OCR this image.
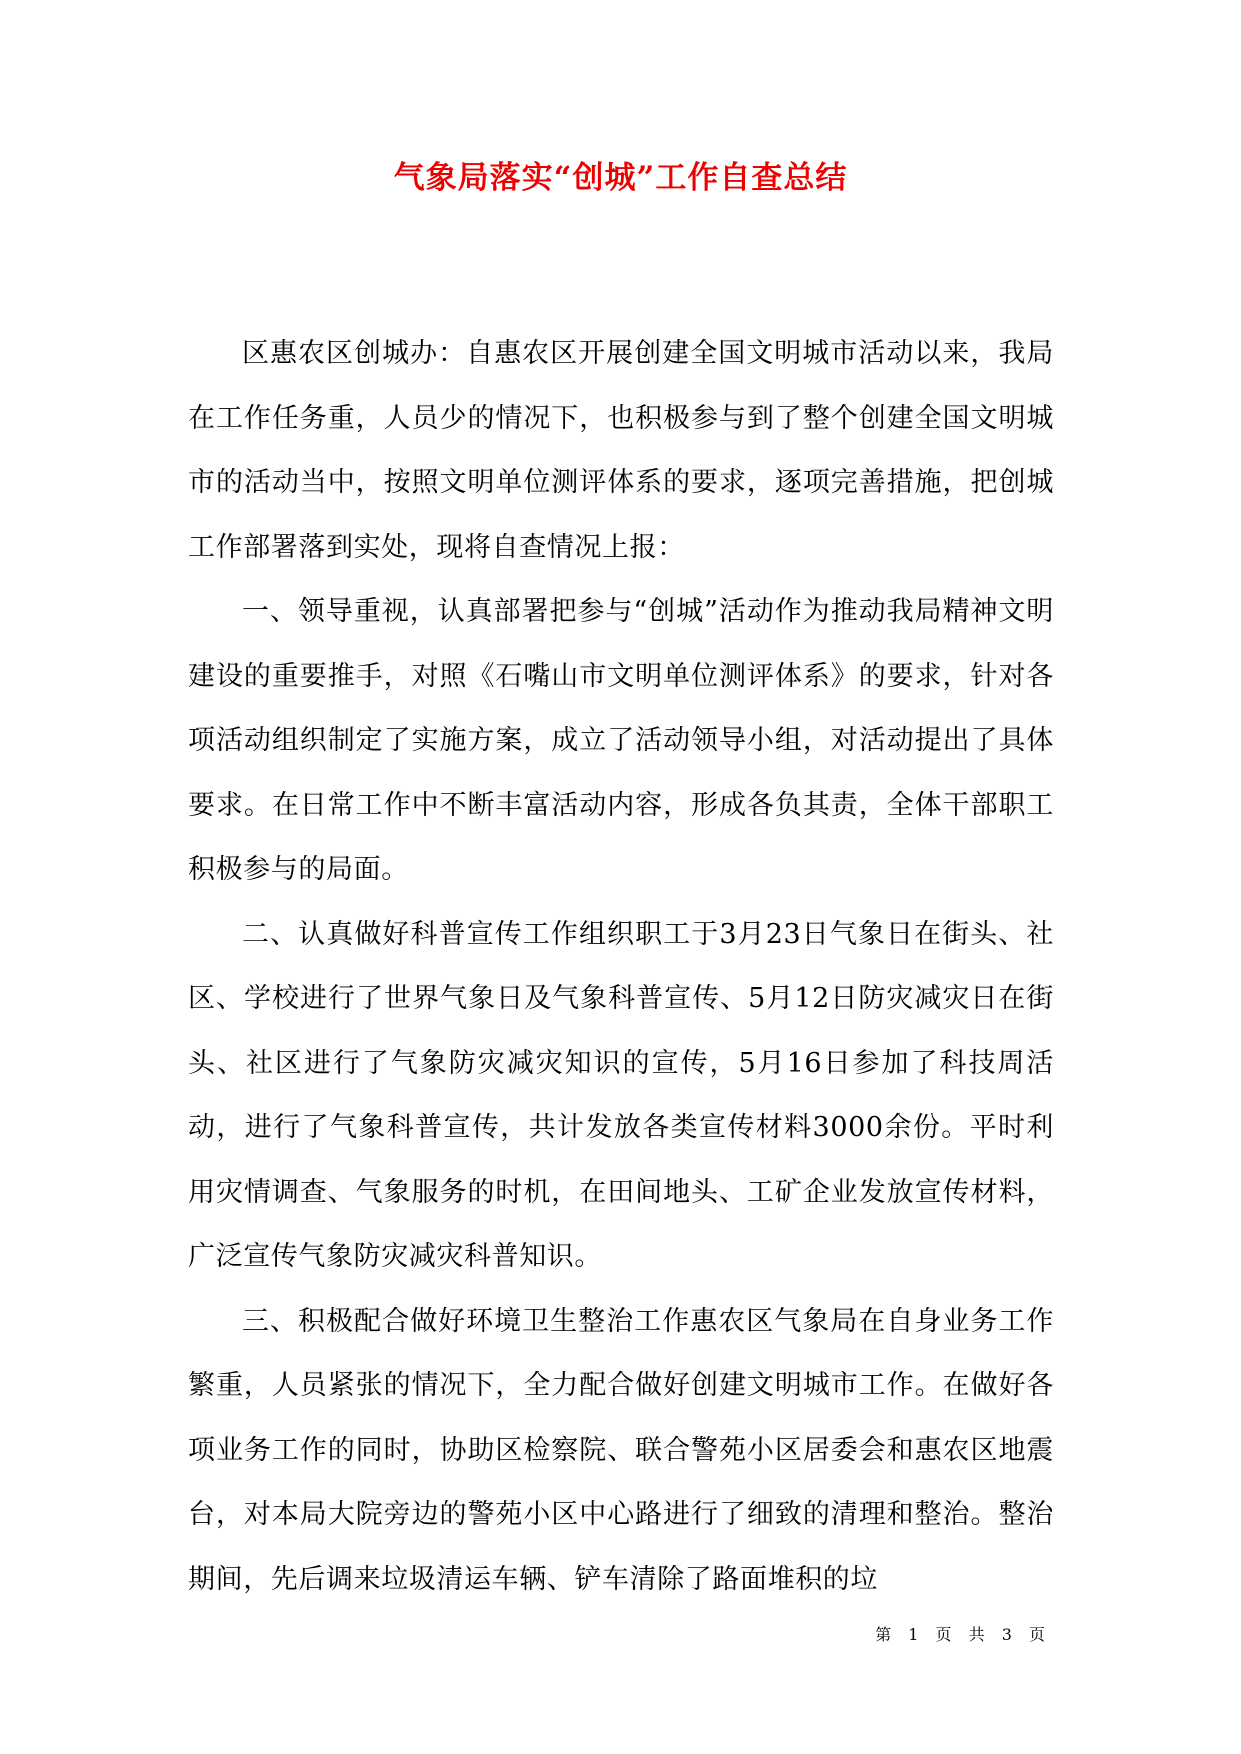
气象局落实“创城”工作自查总结

区惠农区创城办：自惠农区开展创建全国文明城市活动以来，我局在工作任务重，人员少的情况下，也积极参与到了整个创建全国文明城市的活动当中，按照文明单位测评体系的要求，逐项完善措施，把创城工作部署落到实处，现将自查情况上报：

一、领导重视，认真部署把参与“创城”活动作为推动我局精神文明建设的重要推手，对照《石嘴山市文明单位测评体系》的要求，针对各项活动组织制定了实施方案，成立了活动领导小组，对活动提出了具体要求。在日常工作中不断丰富活动内容，形成各负其责，全体干部职工积极参与的局面。

二、认真做好科普宣传工作组织职工于3月23日气象日在街头、社区、学校进行了世界气象日及气象科普宣传、5月12日防灾减灾日在街头、社区进行了气象防灾减灾知识的宣传，5月16日参加了科技周活动，进行了气象科普宣传，共计发放各类宣传材料3000余份。平时利用灾情调查、气象服务的时机，在田间地头、工矿企业发放宣传材料，广泛宣传气象防灾减灾科普知识。

三、积极配合做好环境卫生整治工作惠农区气象局在自身业务工作繁重，人员紧张的情况下，全力配合做好创建文明城市工作。在做好各项业务工作的同时，协助区检察院、联合警苑小区居委会和惠农区地震台，对本局大院旁边的警苑小区中心路进行了细致的清理和整治。整治期间，先后调来垃圾清运车辆、铲车清除了路面堆积的垃

第 1 页 共 3 页
